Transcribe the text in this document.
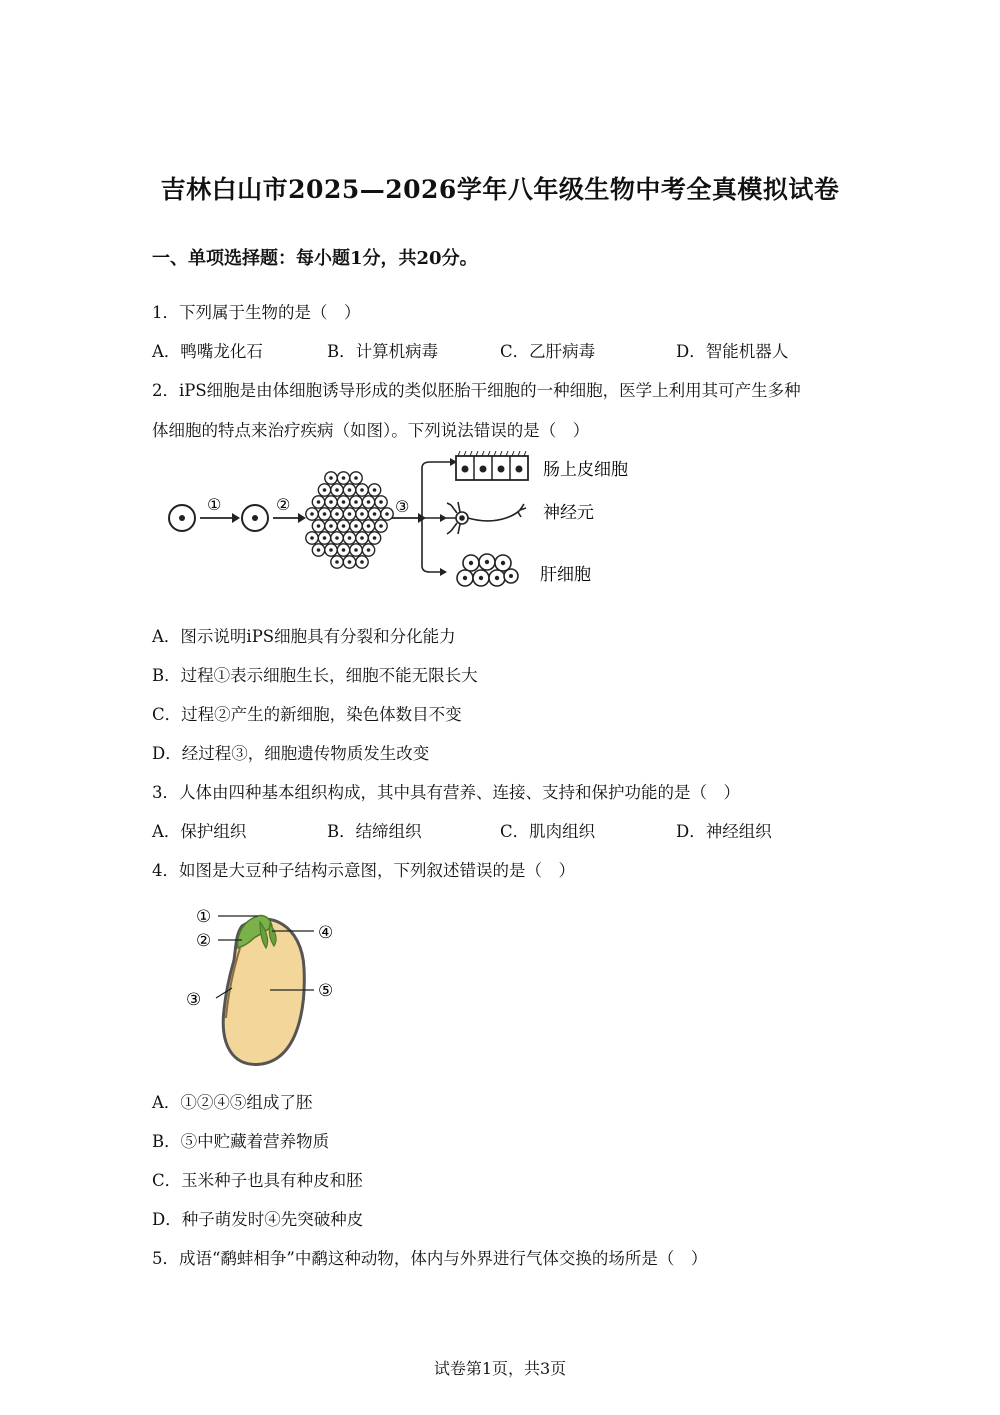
吉林白山市2025—2026学年八年级生物中考全真模拟试卷
一、单项选择题：每小题1分，共20分。
1．下列属于生物的是（　）
A．鸭嘴龙化石	B．计算机病毒	C．乙肝病毒	D．智能机器人
2．iPS细胞是由体细胞诱导形成的类似胚胎干细胞的一种细胞，医学上利用其可产生多种
体细胞的特点来治疗疾病（如图）。下列说法错误的是（　）
①	②	③
肠上皮细胞
神经元
肝细胞
A．图示说明iPS细胞具有分裂和分化能力
B．过程①表示细胞生长，细胞不能无限长大
C．过程②产生的新细胞，染色体数目不变
D．经过程③，细胞遗传物质发生改变
3．人体由四种基本组织构成，其中具有营养、连接、支持和保护功能的是（　）
A．保护组织	B．结缔组织	C．肌肉组织	D．神经组织
4．如图是大豆种子结构示意图，下列叙述错误的是（　）
①
②
③
④
⑤
A．①②④⑤组成了胚
B．⑤中贮藏着营养物质
C．玉米种子也具有种皮和胚
D．种子萌发时④先突破种皮
5．成语“鹬蚌相争”中鹬这种动物，体内与外界进行气体交换的场所是（　）
试卷第1页，共3页
